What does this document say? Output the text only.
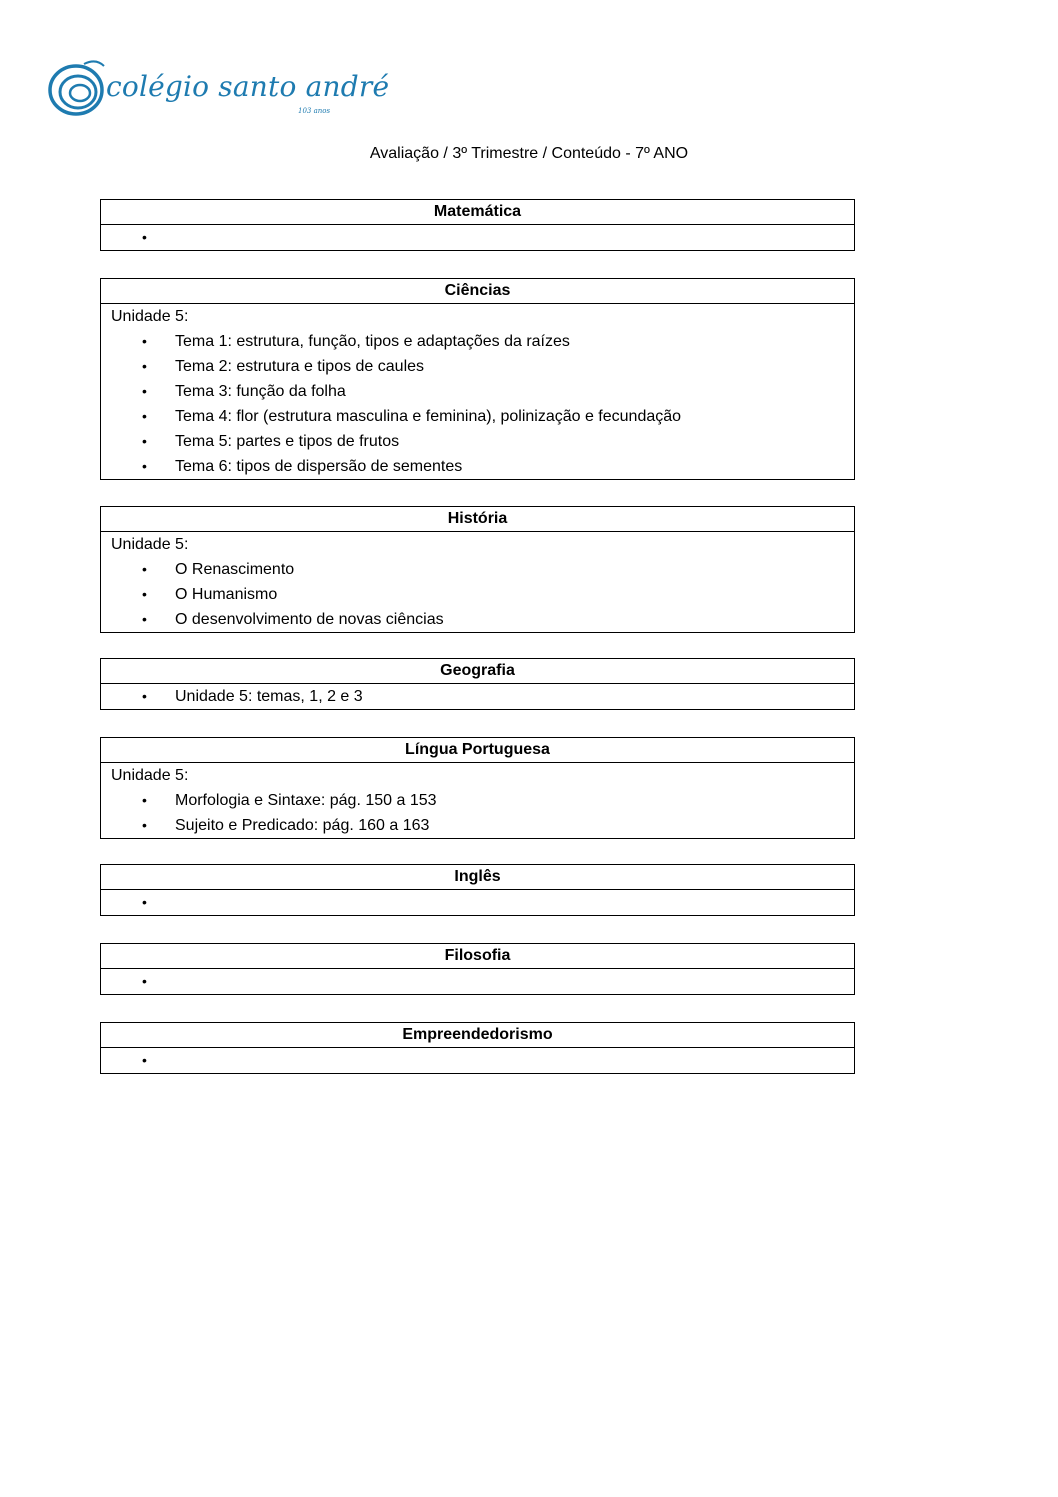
colégio santo andré
103 anos
Avaliação / 3º Trimestre / Conteúdo - 7º ANO
Matemática
•
Ciências
Unidade 5:
• Tema 1: estrutura, função, tipos e adaptações da raízes
• Tema 2: estrutura e tipos de caules
• Tema 3: função da folha
• Tema 4: flor (estrutura masculina e feminina), polinização e fecundação
• Tema 5: partes e tipos de frutos
• Tema 6: tipos de dispersão de sementes
História
Unidade 5:
• O Renascimento
• O Humanismo
• O desenvolvimento de novas ciências
Geografia
• Unidade 5: temas, 1, 2 e 3
Língua Portuguesa
Unidade 5:
• Morfologia e Sintaxe: pág. 150 a 153
• Sujeito e Predicado: pág. 160 a 163
Inglês
•
Filosofia
•
Empreendedorismo
•
